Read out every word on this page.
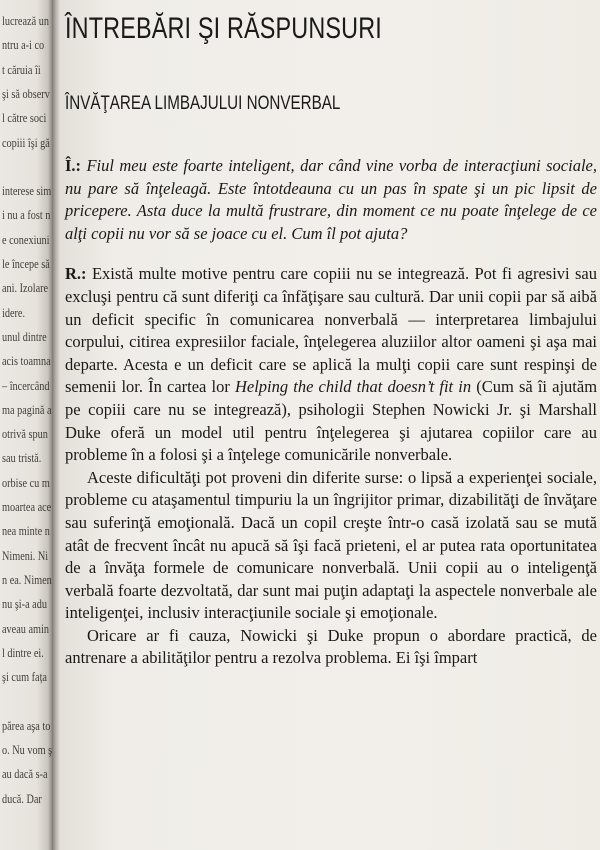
lucrează un
ntru a-i co
t căruia îi
şi să observ
l către soci
copiii îşi gă
interese sim
i nu a fost n
e conexiuni
le începe să
ani. Izolare
idere.
unul dintre
acis toamna
– încercând
ma pagină a
otrivă spun
sau tristă.
orbise cu m
moartea ace
nea minte n
Nimeni. Ni
n ea. Nimen
nu şi-a adu
aveau amin
l dintre ei.
şi cum fața
părea aşa to
o. Nu vom ş
au dacă s-a
ducă. Dar
ÎNTREBĂRI ŞI RĂSPUNSURI
ÎNVĂŢAREA LIMBAJULUI NONVERBAL

Î.: Fiul meu este foarte inteligent, dar când vine vorba de interacţiuni sociale, nu pare să înţeleagă. Este întotdeauna cu un pas în spate şi un pic lipsit de pricepere. Asta duce la multă frustrare, din moment ce nu poate înţelege de ce alţi copii nu vor să se joace cu el. Cum îl pot ajuta?

R.: Există multe motive pentru care copiii nu se integrează. Pot fi agresivi sau excluşi pentru că sunt diferiţi ca înfăţişare sau cultură. Dar unii copii par să aibă un deficit specific în comunicarea nonverbală — interpretarea limbajului corpului, citirea expresiilor faciale, înţelegerea aluziilor altor oameni şi aşa mai departe. Acesta e un deficit care se aplică la mulţi copii care sunt respinşi de semenii lor. În cartea lor Helping the child that doesn’t fit in (Cum să îi ajutăm pe copiii care nu se integrează), psihologii Stephen Nowicki Jr. şi Marshall Duke oferă un model util pentru înţelegerea şi ajutarea copiilor care au probleme în a folosi şi a înţelege comunicările nonverbale.

Aceste dificultăţi pot proveni din diferite surse: o lipsă a experienţei sociale, probleme cu ataşamentul timpuriu la un îngrijitor primar, dizabilităţi de învăţare sau suferinţă emoţională. Dacă un copil creşte într-o casă izolată sau se mută atât de frecvent încât nu apucă să îşi facă prieteni, el ar putea rata oportunitatea de a învăţa formele de comunicare nonverbală. Unii copii au o inteligenţă verbală foarte dezvoltată, dar sunt mai puţin adaptaţi la aspectele nonverbale ale inteligenţei, inclusiv interacţiunile sociale şi emoţionale.

Oricare ar fi cauza, Nowicki şi Duke propun o abordare practică, de antrenare a abilităţilor pentru a rezolva problema. Ei îşi împart
